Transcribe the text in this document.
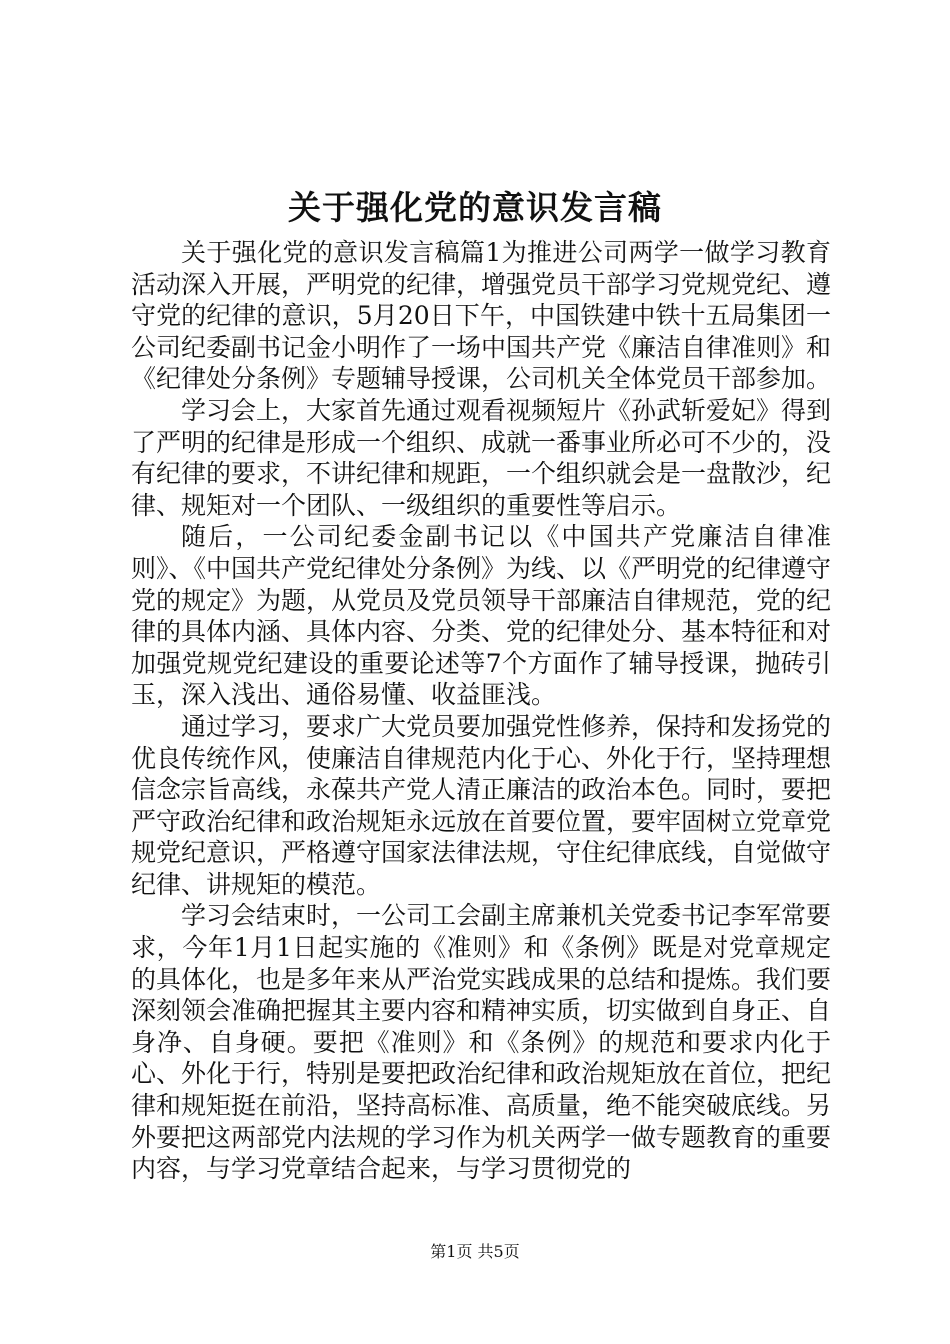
关于强化党的意识发言稿

关于强化党的意识发言稿篇1为推进公司两学一做学习教育活动深入开展，严明党的纪律，增强党员干部学习党规党纪、遵守党的纪律的意识，5月20日下午，中国铁建中铁十五局集团一公司纪委副书记金小明作了一场中国共产党《廉洁自律准则》和《纪律处分条例》专题辅导授课，公司机关全体党员干部参加。

学习会上，大家首先通过观看视频短片《孙武斩爱妃》得到了严明的纪律是形成一个组织、成就一番事业所必可不少的，没有纪律的要求，不讲纪律和规距，一个组织就会是一盘散沙，纪律、规矩对一个团队、一级组织的重要性等启示。

随后，一公司纪委金副书记以《中国共产党廉洁自律准则》、《中国共产党纪律处分条例》为线、以《严明党的纪律遵守党的规定》为题，从党员及党员领导干部廉洁自律规范，党的纪律的具体内涵、具体内容、分类、党的纪律处分、基本特征和对加强党规党纪建设的重要论述等7个方面作了辅导授课，抛砖引玉，深入浅出、通俗易懂、收益匪浅。

通过学习，要求广大党员要加强党性修养，保持和发扬党的优良传统作风，使廉洁自律规范内化于心、外化于行，坚持理想信念宗旨高线，永葆共产党人清正廉洁的政治本色。同时，要把严守政治纪律和政治规矩永远放在首要位置，要牢固树立党章党规党纪意识，严格遵守国家法律法规，守住纪律底线，自觉做守纪律、讲规矩的模范。

学习会结束时，一公司工会副主席兼机关党委书记李军常要求，今年1月1日起实施的《准则》和《条例》既是对党章规定的具体化，也是多年来从严治党实践成果的总结和提炼。我们要深刻领会准确把握其主要内容和精神实质，切实做到自身正、自身净、自身硬。要把《准则》和《条例》的规范和要求内化于心、外化于行，特别是要把政治纪律和政治规矩放在首位，把纪律和规矩挺在前沿，坚持高标准、高质量，绝不能突破底线。另外要把这两部党内法规的学习作为机关两学一做专题教育的重要内容，与学习党章结合起来，与学习贯彻党的

第1页 共5页
